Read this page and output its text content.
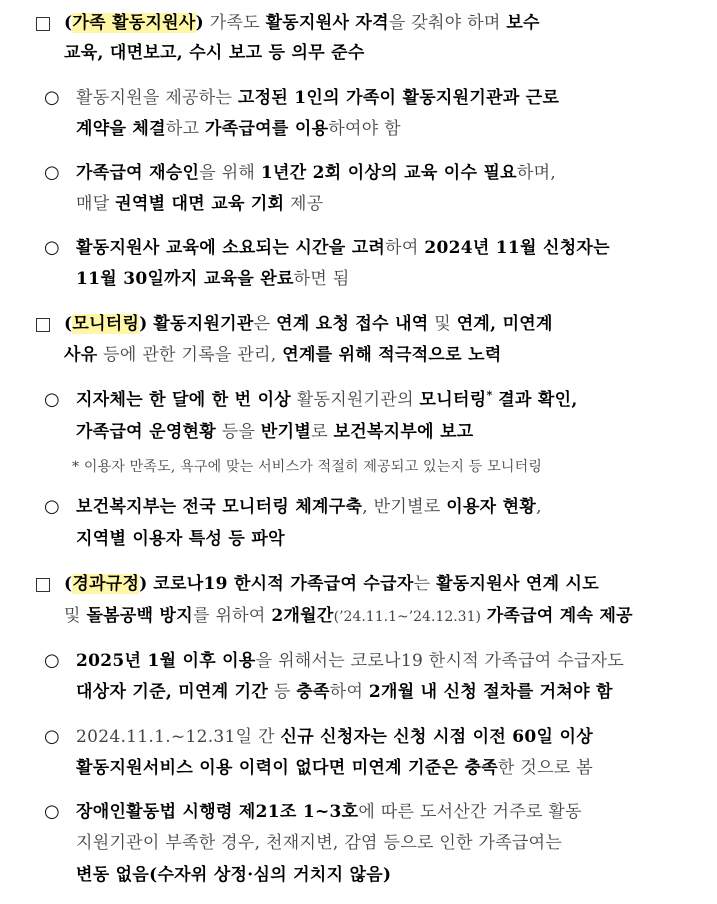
(가족 활동지원사) 가족도 활동지원사 자격을 갖춰야 하며 보수
교육, 대면보고, 수시 보고 등 의무 준수
○ 활동지원을 제공하는 고정된 1인의 가족이 활동지원기관과 근로
계약을 체결하고 가족급여를 이용하여야 함
○ 가족급여 재승인을 위해 1년간 2회 이상의 교육 이수 필요하며,
매달 권역별 대면 교육 기회 제공
○ 활동지원사 교육에 소요되는 시간을 고려하여 2024년 11월 신청자는
11월 30일까지 교육을 완료하면 됨
(모니터링) 활동지원기관은 연계 요청 접수 내역 및 연계, 미연계
사유 등에 관한 기록을 관리, 연계를 위해 적극적으로 노력
○ 지자체는 한 달에 한 번 이상 활동지원기관의 모니터링* 결과 확인,
가족급여 운영현황 등을 반기별로 보건복지부에 보고
* 이용자 만족도, 욕구에 맞는 서비스가 적절히 제공되고 있는지 등 모니터링
○ 보건복지부는 전국 모니터링 체계구축, 반기별로 이용자 현황,
지역별 이용자 특성 등 파악
(경과규정) 코로나19 한시적 가족급여 수급자는 활동지원사 연계 시도
및 돌봄공백 방지를 위하여 2개월간(’24.11.1~’24.12.31) 가족급여 계속 제공
○ 2025년 1월 이후 이용을 위해서는 코로나19 한시적 가족급여 수급자도
대상자 기준, 미연계 기간 등 충족하여 2개월 내 신청 절차를 거쳐야 함
○ 2024.11.1.~12.31일 간 신규 신청자는 신청 시점 이전 60일 이상
활동지원서비스 이용 이력이 없다면 미연계 기준은 충족한 것으로 봄
○ 장애인활동법 시행령 제21조 1~3호에 따른 도서산간 거주로 활동
지원기관이 부족한 경우, 천재지변, 감염 등으로 인한 가족급여는
변동 없음(수자위 상정·심의 거치지 않음)
